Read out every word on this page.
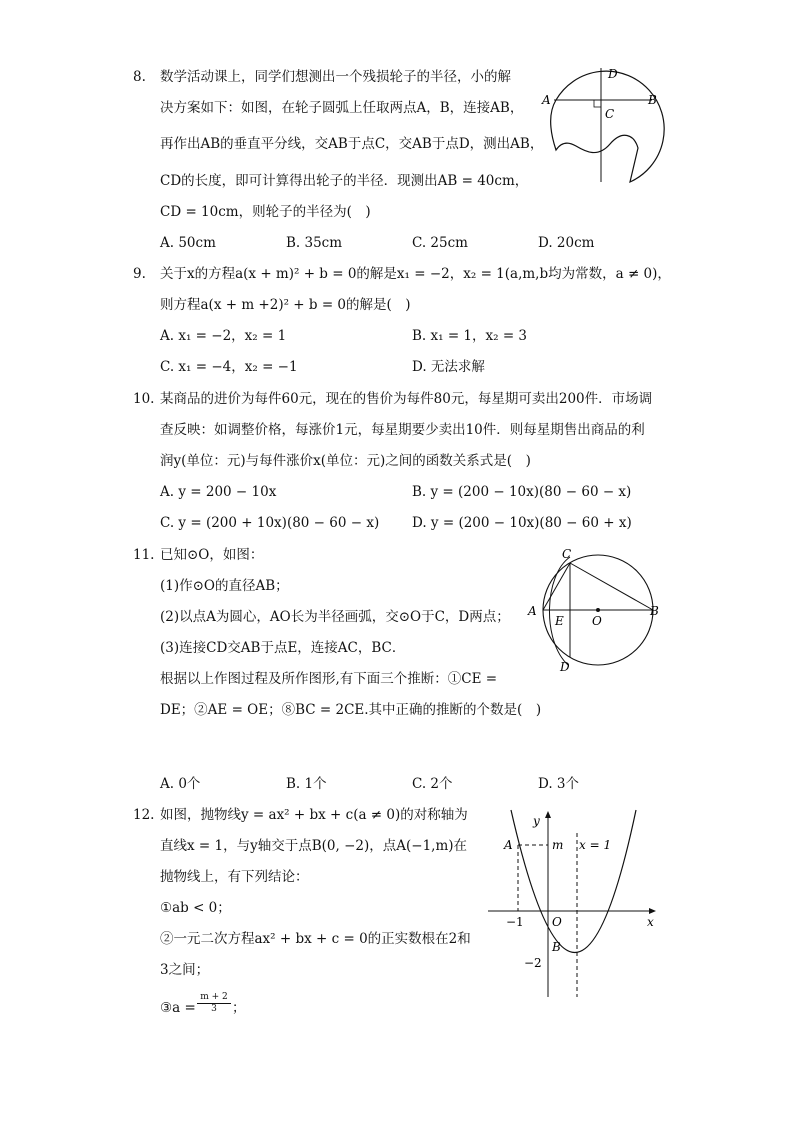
8. 数学活动课上，同学们想测出一个残损轮子的半径，小的解
决方案如下：如图，在轮子圆弧上任取两点A，B，连接AB，
再作出AB的垂直平分线，交AB于点C，交AB于点D，测出AB，
CD的长度，即可计算得出轮子的半径．现测出AB = 40cm，
CD = 10cm，则轮子的半径为(　)
A. 50cm	B. 35cm	C. 25cm	D. 20cm
D
A	B
C
9. 关于x的方程a(x + m)² + b = 0的解是x₁ = −2，x₂ = 1(a,m,b均为常数，a ≠ 0)，
则方程a(x + m +2)² + b = 0的解是(　)
A. x₁ = −2，x₂ = 1	B. x₁ = 1，x₂ = 3
C. x₁ = −4，x₂ = −1	D. 无法求解
10. 某商品的进价为每件60元，现在的售价为每件80元，每星期可卖出200件．市场调
查反映：如调整价格，每涨价1元，每星期要少卖出10件．则每星期售出商品的利
润y(单位：元)与每件涨价x(单位：元)之间的函数关系式是(　)
A. y = 200 − 10x	B. y = (200 − 10x)(80 − 60 − x)
C. y = (200 + 10x)(80 − 60 − x) D. y = (200 − 10x)(80 − 60 + x)
11. 已知⊙O，如图：
(1)作⊙O的直径AB；
(2)以点A为圆心，AO长为半径画弧，交⊙O于C，D两点；
(3)连接CD交AB于点E，连接AC，BC．
根据以上作图过程及所作图形,有下面三个推断：①CE =
DE；②AE = OE；⑧BC = 2CE.其中正确的推断的个数是(　)
A. 0个	B. 1个	C. 2个	D. 3个
C
A
E O
B
D
12. 如图，抛物线y = ax² + bx + c(a ≠ 0)的对称轴为
直线x = 1，与y轴交于点B(0, −2)，点A(−1,m)在
抛物线上，有下列结论：
①ab < 0；
②一元二次方程ax² + bx + c = 0的正实数根在2和
3之间；
③a = $\frac{m + 2}{3}$ ；
y
A	m x = 1
−1 O	x
B
−2
